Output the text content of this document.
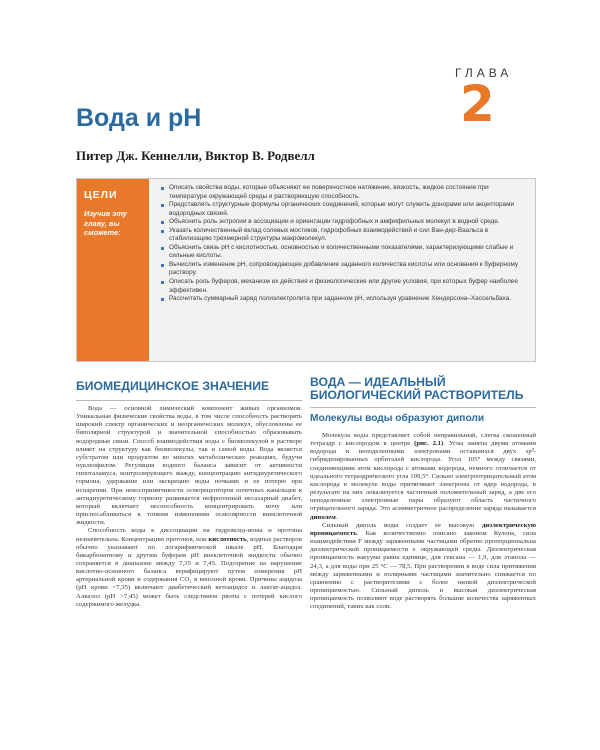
ГЛАВА
2
Вода и pH
Питер Дж. Кеннелли, Виктор В. Родвелл
ЦЕЛИ
Изучив эту главу, вы сможете:
Описать свойства воды, которые объясняют ее поверхностное натяжение, вязкость, жидкое состояние при температуре окружающей среды и растворяющую способность.
Представлять структурные формулы органических соединений, которые могут служить донорами или акцепторами водородных связей.
Объяснить роль энтропии в ассоциации и ориентации гидрофобных и амфифильных молекул в водной среде.
Указать количественный вклад солевых мостиков, гидрофобных взаимодействий и сил Ван-дер-Ваальса в стабилизацию трехмерной структуры макромолекул.
Объяснить связь pH с кислотностью, основностью и количественными показателями, характеризующими слабые и сильные кислоты.
Вычислить изменение pH, сопровождающее добавление заданного количества кислоты или основания к буферному раствору.
Описать роль буферов, механизм их действия и физиологические или другие условия, при которых буфер наиболее эффективен.
Рассчитать суммарный заряд полиэлектролита при заданном pH, используя уравнение Хендерсона–Хассельбаха.
БИОМЕДИЦИНСКОЕ ЗНАЧЕНИЕ

Вода — основной химический компонент живых организмов. Уникальные физические свойства воды, в том числе способность растворять широкий спектр органических и неорганических молекул, обусловлены ее биполярной структурой и значительной способностью образовывать водородные связи. Способ взаимодействия воды с биомолекулой в растворе влияет на структуру как биомолекулы, так и самой воды. Вода является субстратом или продуктом во многих метаболических реакциях, будучи нуклеофилом. Регуляция водного баланса зависит от активности гипоталамуса, контролирующего жажду, концентрацию антидиуретического гормона, удержание или экскрецию воды почками и ее потерю при испарении. При невосприимчивости осморецепторов почечных канальцев к антидиуретическому гормону развивается нефрогенный несахарный диабет, который включает неспособность концентрировать мочу или приспосабливаться к тонким изменениям осмолярности внеклеточной жидкости.

Способность воды к диссоциации на гидроксид-ионы и протоны незначительна. Концентрацию протонов, или кислотность, водных растворов обычно указывают по логарифмической шкале pH. Благодаря бикарбонатному и другим буферам pH внеклеточной жидкости обычно сохраняется в диапазоне между 7,35 и 7,45. Подозрение на нарушение кислотно-основного баланса верифицируют путем измерения pH артериальной крови и содержания CO₂ в венозной крови. Причины ацидоза (pH крови <7,35) включают диабетический кетоацидоз и лактат-ацидоз. Алкалоз (pH >7,45) может быть следствием рвоты с потерей кислого содержимого желудка.

ВОДА — ИДЕАЛЬНЫЙ БИОЛОГИЧЕСКИЙ РАСТВОРИТЕЛЬ
Молекулы воды образуют диполи

Молекула воды представляет собой неправильный, слегка скошенный тетраэдр с кислородом в центре (рис. 2.1). Углы заняты двумя атомами водорода и неподеленными электронами оставшихся двух sp³-гибридизированных орбиталей кислорода. Угол 105° между связями, соединяющими атом кислорода с атомами водорода, немного отличается от идеального тетраэдрического угла 109,5°. Сильно электроотрицательный атом кислорода в молекуле воды притягивает электроны от ядер водорода, в результате на них локализуется частичный положительный заряд, а две его неподеленные электронные пары образуют область частичного отрицательного заряда. Это асимметричное распределение заряда называется диполем.

Сильный диполь воды создает ее высокую диэлектрическую проницаемость. Как количественно описано законом Кулона, сила взаимодействия F между заряженными частицами обратно пропорциональна диэлектрической проницаемости ε окружающей среды. Диэлектрическая проницаемость вакуума равна единице, для гексана — 1,9, для этанола — 24,3, а для воды при 25 °С — 78,5. При растворении в воде сила притяжения между заряженными и полярными частицами значительно снижается по сравнению с растворителями с более низкой диэлектрической проницаемостью. Сильный диполь и высокая диэлектрическая проницаемость позволяют воде растворять большие количества заряженных соединений, таких как соли.
